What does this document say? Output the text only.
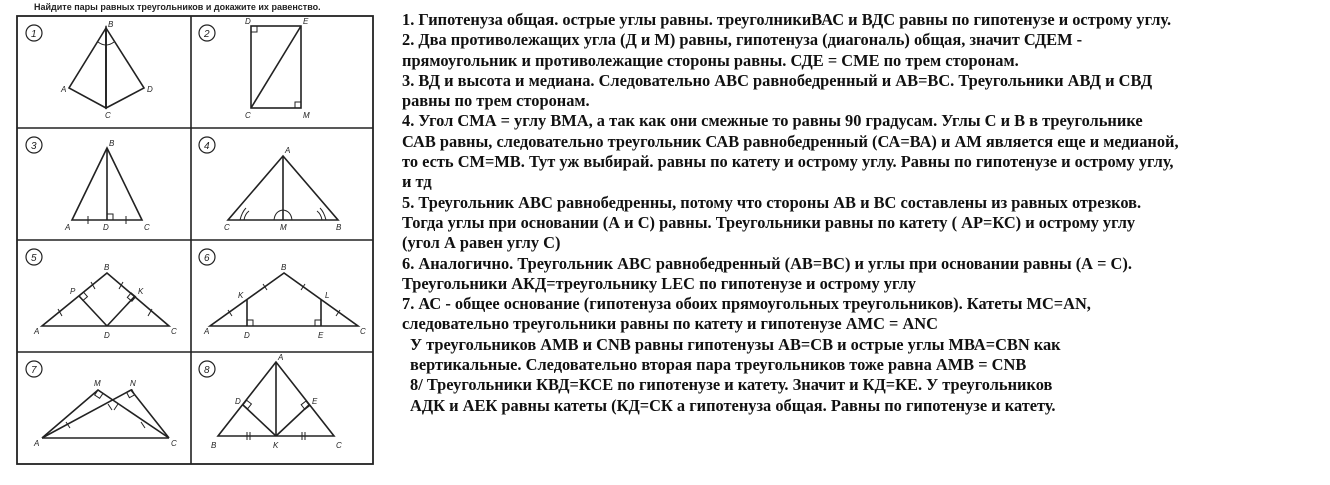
Найдите пары равных треугольников и докажите их равенство.
1
B
A	D
C
2
D	E
C	M
3	B
A	D	C
4	A
C	M	B
5
B
A	D	C
P	K
6
B
A	D	E	C
K	L
7
A	C
M	N
8
A
B	K	C
D	E
1. Гипотенуза общая. острые углы равны. треуголникиВАС и ВДС равны по гипотенузе и острому углу.
2. Два противолежащих угла (Д и М) равны, гипотенуза (диагональ) общая, значит СДЕМ -
прямоугольник и противолежащие стороны равны. СДЕ = СМЕ по трем сторонам.
3. ВД и высота и медиана. Следовательно АВС равнобедренный и АВ=ВС. Треугольники АВД и СВД
равны по трем сторонам.
4. Угол СМА = углу ВМА, а так как они смежные то равны 90 градусам. Углы С и В в треугольнике
САВ равны, следовательно треугольник САВ равнобедренный (СА=ВА) и АМ является еще и медианой,
то есть СМ=МВ. Тут уж выбирай. равны по катету и острому углу. Равны по гипотенузе и острому углу,
и тд
5. Треугольник АВС равнобедренны, потому что стороны АВ и ВС составлены из равных отрезков.
Тогда углы при основании (А и С) равны. Треугольники равны по катету ( АР=КС) и острому углу
(угол А равен углу С)
6. Аналогично. Треугольник АВС равнобедренный (АВ=ВС) и углы при основании равны (А = С).
Треугольники АКД=треугольнику LЕС по гипотенузе и острому углу
7. АС - общее основание (гипотенуза обоих прямоугольных треугольников). Катеты МС=АN,
следовательно треугольники равны по катету и гипотенузе АМС = АNС
У треугольников АМВ и СNВ равны гипотенузы АВ=СВ и острые углы МВА=СВN как
вертикальные. Следовательно вторая пара треугольников тоже равна АМВ = СNВ
8/ Треугольники КВД=КСЕ по гипотенузе и катету. Значит и КД=КЕ. У треугольников
АДК и АЕК равны катеты (КД=СК а гипотенуза общая. Равны по гипотенузе и катету.
